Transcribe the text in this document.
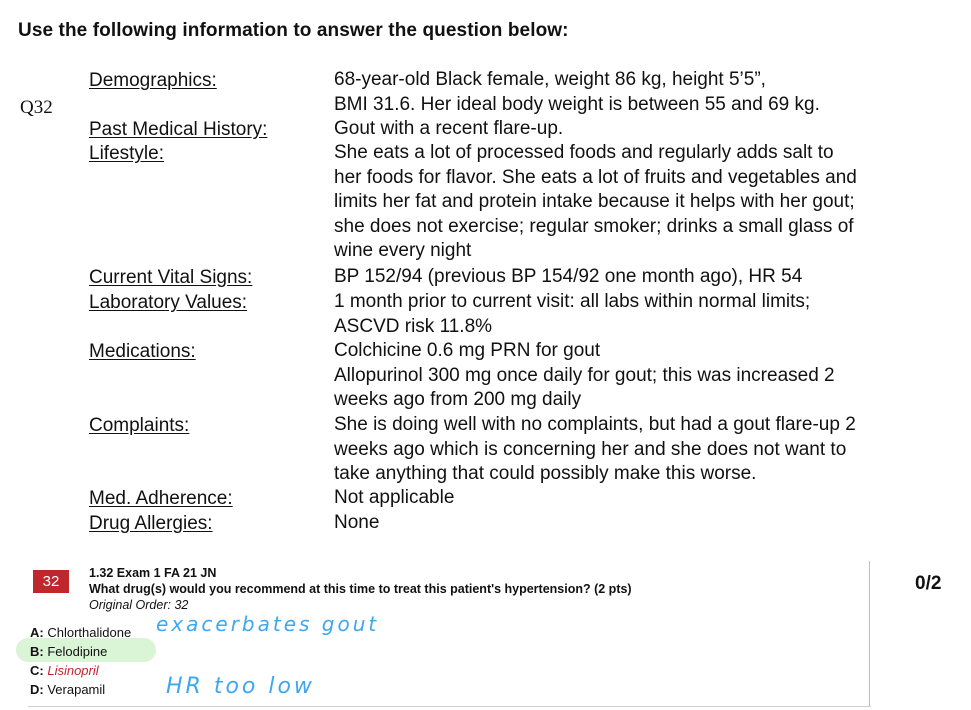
Use the following information to answer the question below:
Q32
Demographics:	68-year-old Black female, weight 86 kg, height 5’5”,
BMI 31.6. Her ideal body weight is between 55 and 69 kg.
Past Medical History:	Gout with a recent flare-up.
Lifestyle:	She eats a lot of processed foods and regularly adds salt to
her foods for flavor. She eats a lot of fruits and vegetables and
limits her fat and protein intake because it helps with her gout;
she does not exercise; regular smoker; drinks a small glass of
wine every night
Current Vital Signs:	BP 152/94 (previous BP 154/92 one month ago), HR 54
Laboratory Values:	1 month prior to current visit: all labs within normal limits;
ASCVD risk 11.8%
Medications:	Colchicine 0.6 mg PRN for gout
Allopurinol 300 mg once daily for gout; this was increased 2
weeks ago from 200 mg daily
Complaints:	She is doing well with no complaints, but had a gout flare-up 2
weeks ago which is concerning her and she does not want to
take anything that could possibly make this worse.
Med. Adherence:	Not applicable
Drug Allergies:	None
32	1.32 Exam 1 FA 21 JN
What drug(s) would you recommend at this time to treat this patient's hypertension? (2 pts)
Original Order: 32
0/2
A: Chlorthalidone
B: Felodipine
C: Lisinopril
D: Verapamil
exacerbates gout
HR too low
